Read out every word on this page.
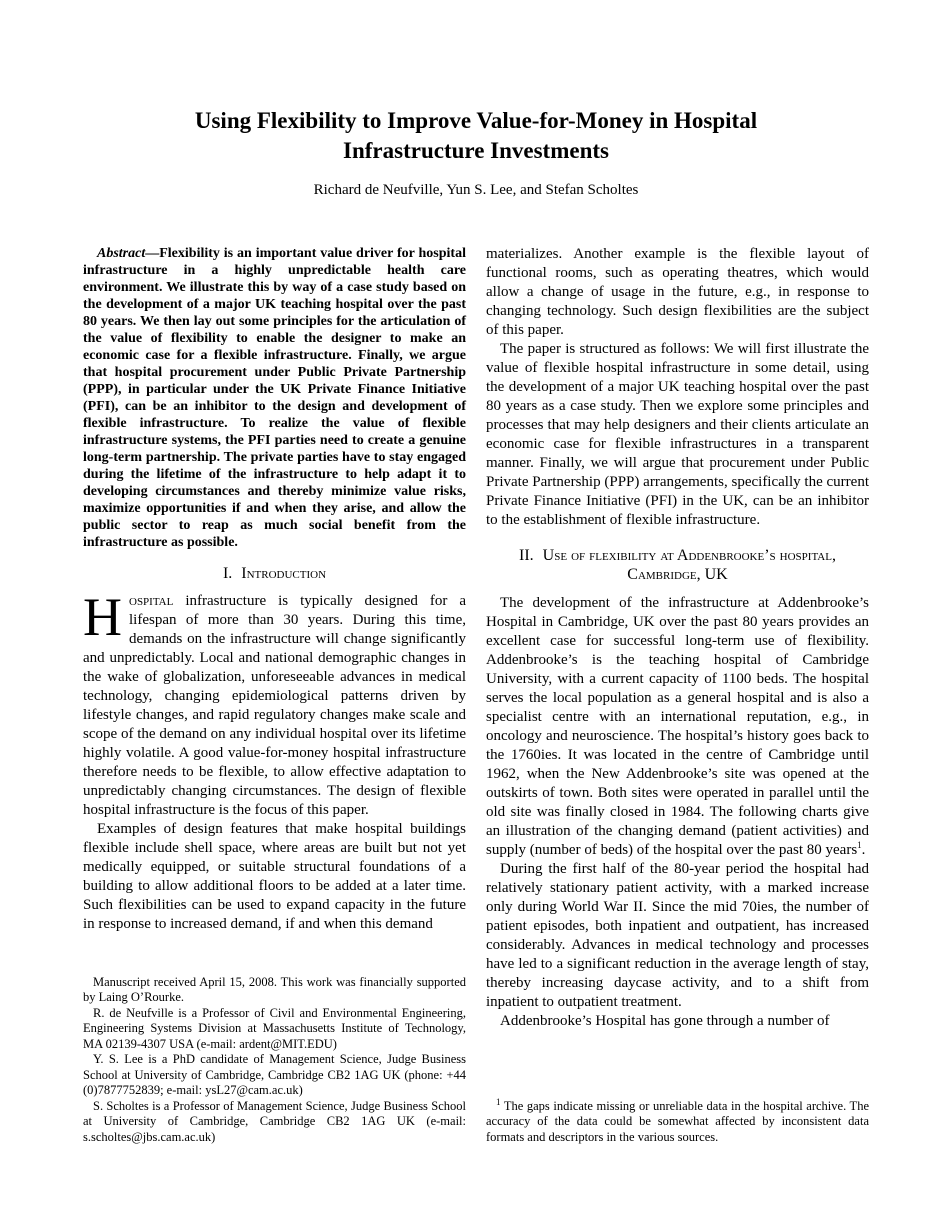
Using Flexibility to Improve Value-for-Money in Hospital
Infrastructure Investments
Richard de Neufville, Yun S. Lee, and Stefan Scholtes

Abstract—Flexibility is an important value driver for hospital infrastructure in a highly unpredictable health care environment. We illustrate this by way of a case study based on the development of a major UK teaching hospital over the past 80 years. We then lay out some principles for the articulation of the value of flexibility to enable the designer to make an economic case for a flexible infrastructure. Finally, we argue that hospital procurement under Public Private Partnership (PPP), in particular under the UK Private Finance Initiative (PFI), can be an inhibitor to the design and development of flexible infrastructure. To realize the value of flexible infrastructure systems, the PFI parties need to create a genuine long-term partnership. The private parties have to stay engaged during the lifetime of the infrastructure to help adapt it to developing circumstances and thereby minimize value risks, maximize opportunities if and when they arise, and allow the public sector to reap as much social benefit from the infrastructure as possible.

I. Introduction

Hospital infrastructure is typically designed for a lifespan of more than 30 years. During this time, demands on the infrastructure will change significantly and unpredictably. Local and national demographic changes in the wake of globalization, unforeseeable advances in medical technology, changing epidemiological patterns driven by lifestyle changes, and rapid regulatory changes make scale and scope of the demand on any individual hospital over its lifetime highly volatile. A good value-for-money hospital infrastructure therefore needs to be flexible, to allow effective adaptation to unpredictably changing circumstances. The design of flexible hospital infrastructure is the focus of this paper.

Examples of design features that make hospital buildings flexible include shell space, where areas are built but not yet medically equipped, or suitable structural foundations of a building to allow additional floors to be added at a later time. Such flexibilities can be used to expand capacity in the future in response to increased demand, if and when this demand

Manuscript received April 15, 2008. This work was financially supported by Laing O’Rourke.

R. de Neufville is a Professor of Civil and Environmental Engineering, Engineering Systems Division at Massachusetts Institute of Technology, MA 02139-4307 USA (e-mail: ardent@MIT.EDU)

Y. S. Lee is a PhD candidate of Management Science, Judge Business School at University of Cambridge, Cambridge CB2 1AG UK (phone: +44 (0)7877752839; e-mail: ysL27@cam.ac.uk)

S. Scholtes is a Professor of Management Science, Judge Business School at University of Cambridge, Cambridge CB2 1AG UK (e-mail: s.scholtes@jbs.cam.ac.uk)

materializes. Another example is the flexible layout of functional rooms, such as operating theatres, which would allow a change of usage in the future, e.g., in response to changing technology. Such design flexibilities are the subject of this paper.

The paper is structured as follows: We will first illustrate the value of flexible hospital infrastructure in some detail, using the development of a major UK teaching hospital over the past 80 years as a case study. Then we explore some principles and processes that may help designers and their clients articulate an economic case for flexible infrastructures in a transparent manner. Finally, we will argue that procurement under Public Private Partnership (PPP) arrangements, specifically the current Private Finance Initiative (PFI) in the UK, can be an inhibitor to the establishment of flexible infrastructure.

II. Use of flexibility at Addenbrooke’s hospital,
Cambridge, UK

The development of the infrastructure at Addenbrooke’s Hospital in Cambridge, UK over the past 80 years provides an excellent case for successful long-term use of flexibility. Addenbrooke’s is the teaching hospital of Cambridge University, with a current capacity of 1100 beds. The hospital serves the local population as a general hospital and is also a specialist centre with an international reputation, e.g., in oncology and neuroscience. The hospital’s history goes back to the 1760ies. It was located in the centre of Cambridge until 1962, when the New Addenbrooke’s site was opened at the outskirts of town. Both sites were operated in parallel until the old site was finally closed in 1984. The following charts give an illustration of the changing demand (patient activities) and supply (number of beds) of the hospital over the past 80 years$^1$.

During the first half of the 80-year period the hospital had relatively stationary patient activity, with a marked increase only during World War II. Since the mid 70ies, the number of patient episodes, both inpatient and outpatient, has increased considerably. Advances in medical technology and processes have led to a significant reduction in the average length of stay, thereby increasing daycase activity, and to a shift from inpatient to outpatient treatment.

Addenbrooke’s Hospital has gone through a number of

$^1$ The gaps indicate missing or unreliable data in the hospital archive. The accuracy of the data could be somewhat affected by inconsistent data formats and descriptors in the various sources.
